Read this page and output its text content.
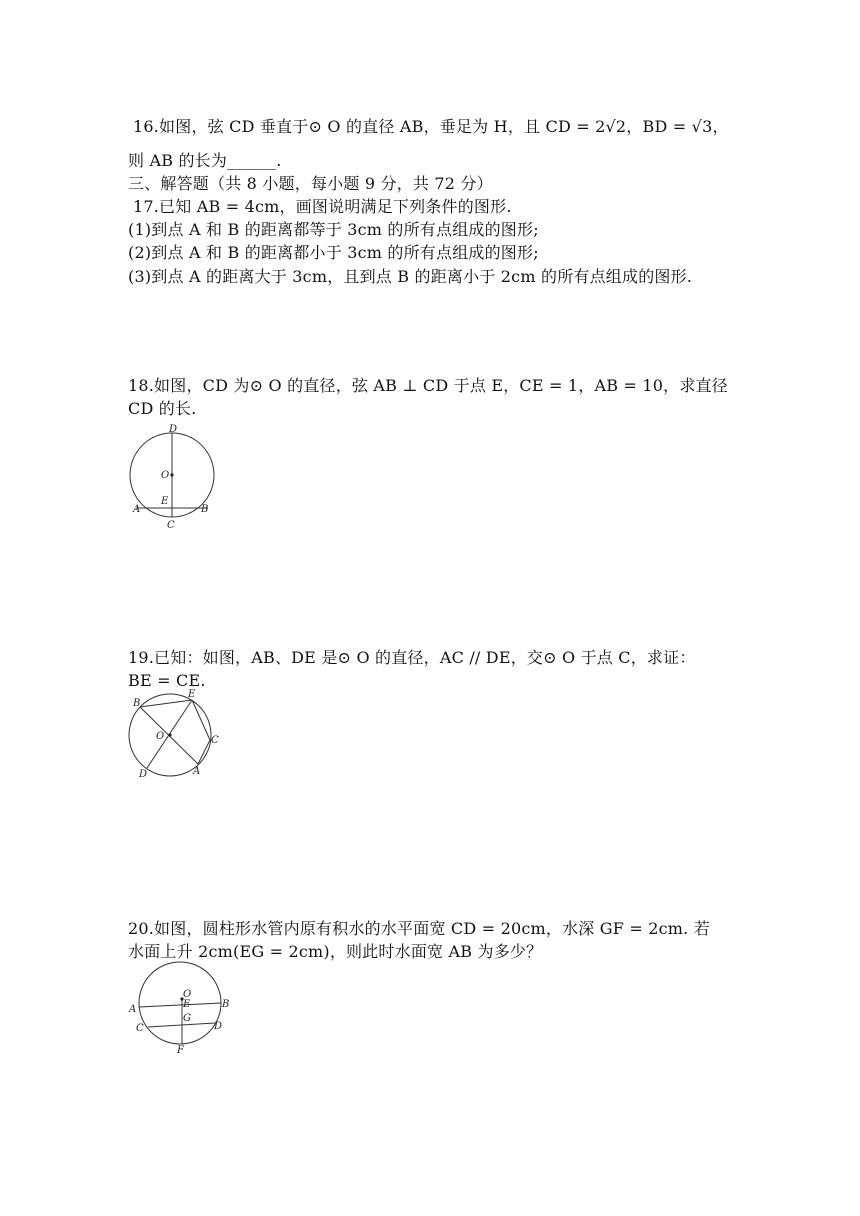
16.如图，弦 CD 垂直于⊙ O 的直径 AB，垂足为 H，且 CD = 2√2，BD = √3，
则 AB 的长为______.
三、解答题（共 8 小题，每小题 9 分，共 72 分）
17.已知 AB = 4cm，画图说明满足下列条件的图形.
(1)到点 A 和 B 的距离都等于 3cm 的所有点组成的图形;
(2)到点 A 和 B 的距离都小于 3cm 的所有点组成的图形;
(3)到点 A 的距离大于 3cm，且到点 B 的距离小于 2cm 的所有点组成的图形.
18.如图，CD 为⊙ O 的直径，弦 AB ⊥ CD 于点 E，CE = 1，AB = 10，求直径
CD 的长.
D
O
E
A	B
C
19.已知：如图，AB、DE 是⊙ O 的直径，AC // DE，交⊙ O 于点 C，求证：
BE = CE.
B
E
O	C
D	A
20.如图，圆柱形水管内原有积水的水平面宽 CD = 20cm，水深 GF = 2cm. 若
水面上升 2cm(EG = 2cm)，则此时水面宽 AB 为多少？
O
E
A	B
G
C	D
F
